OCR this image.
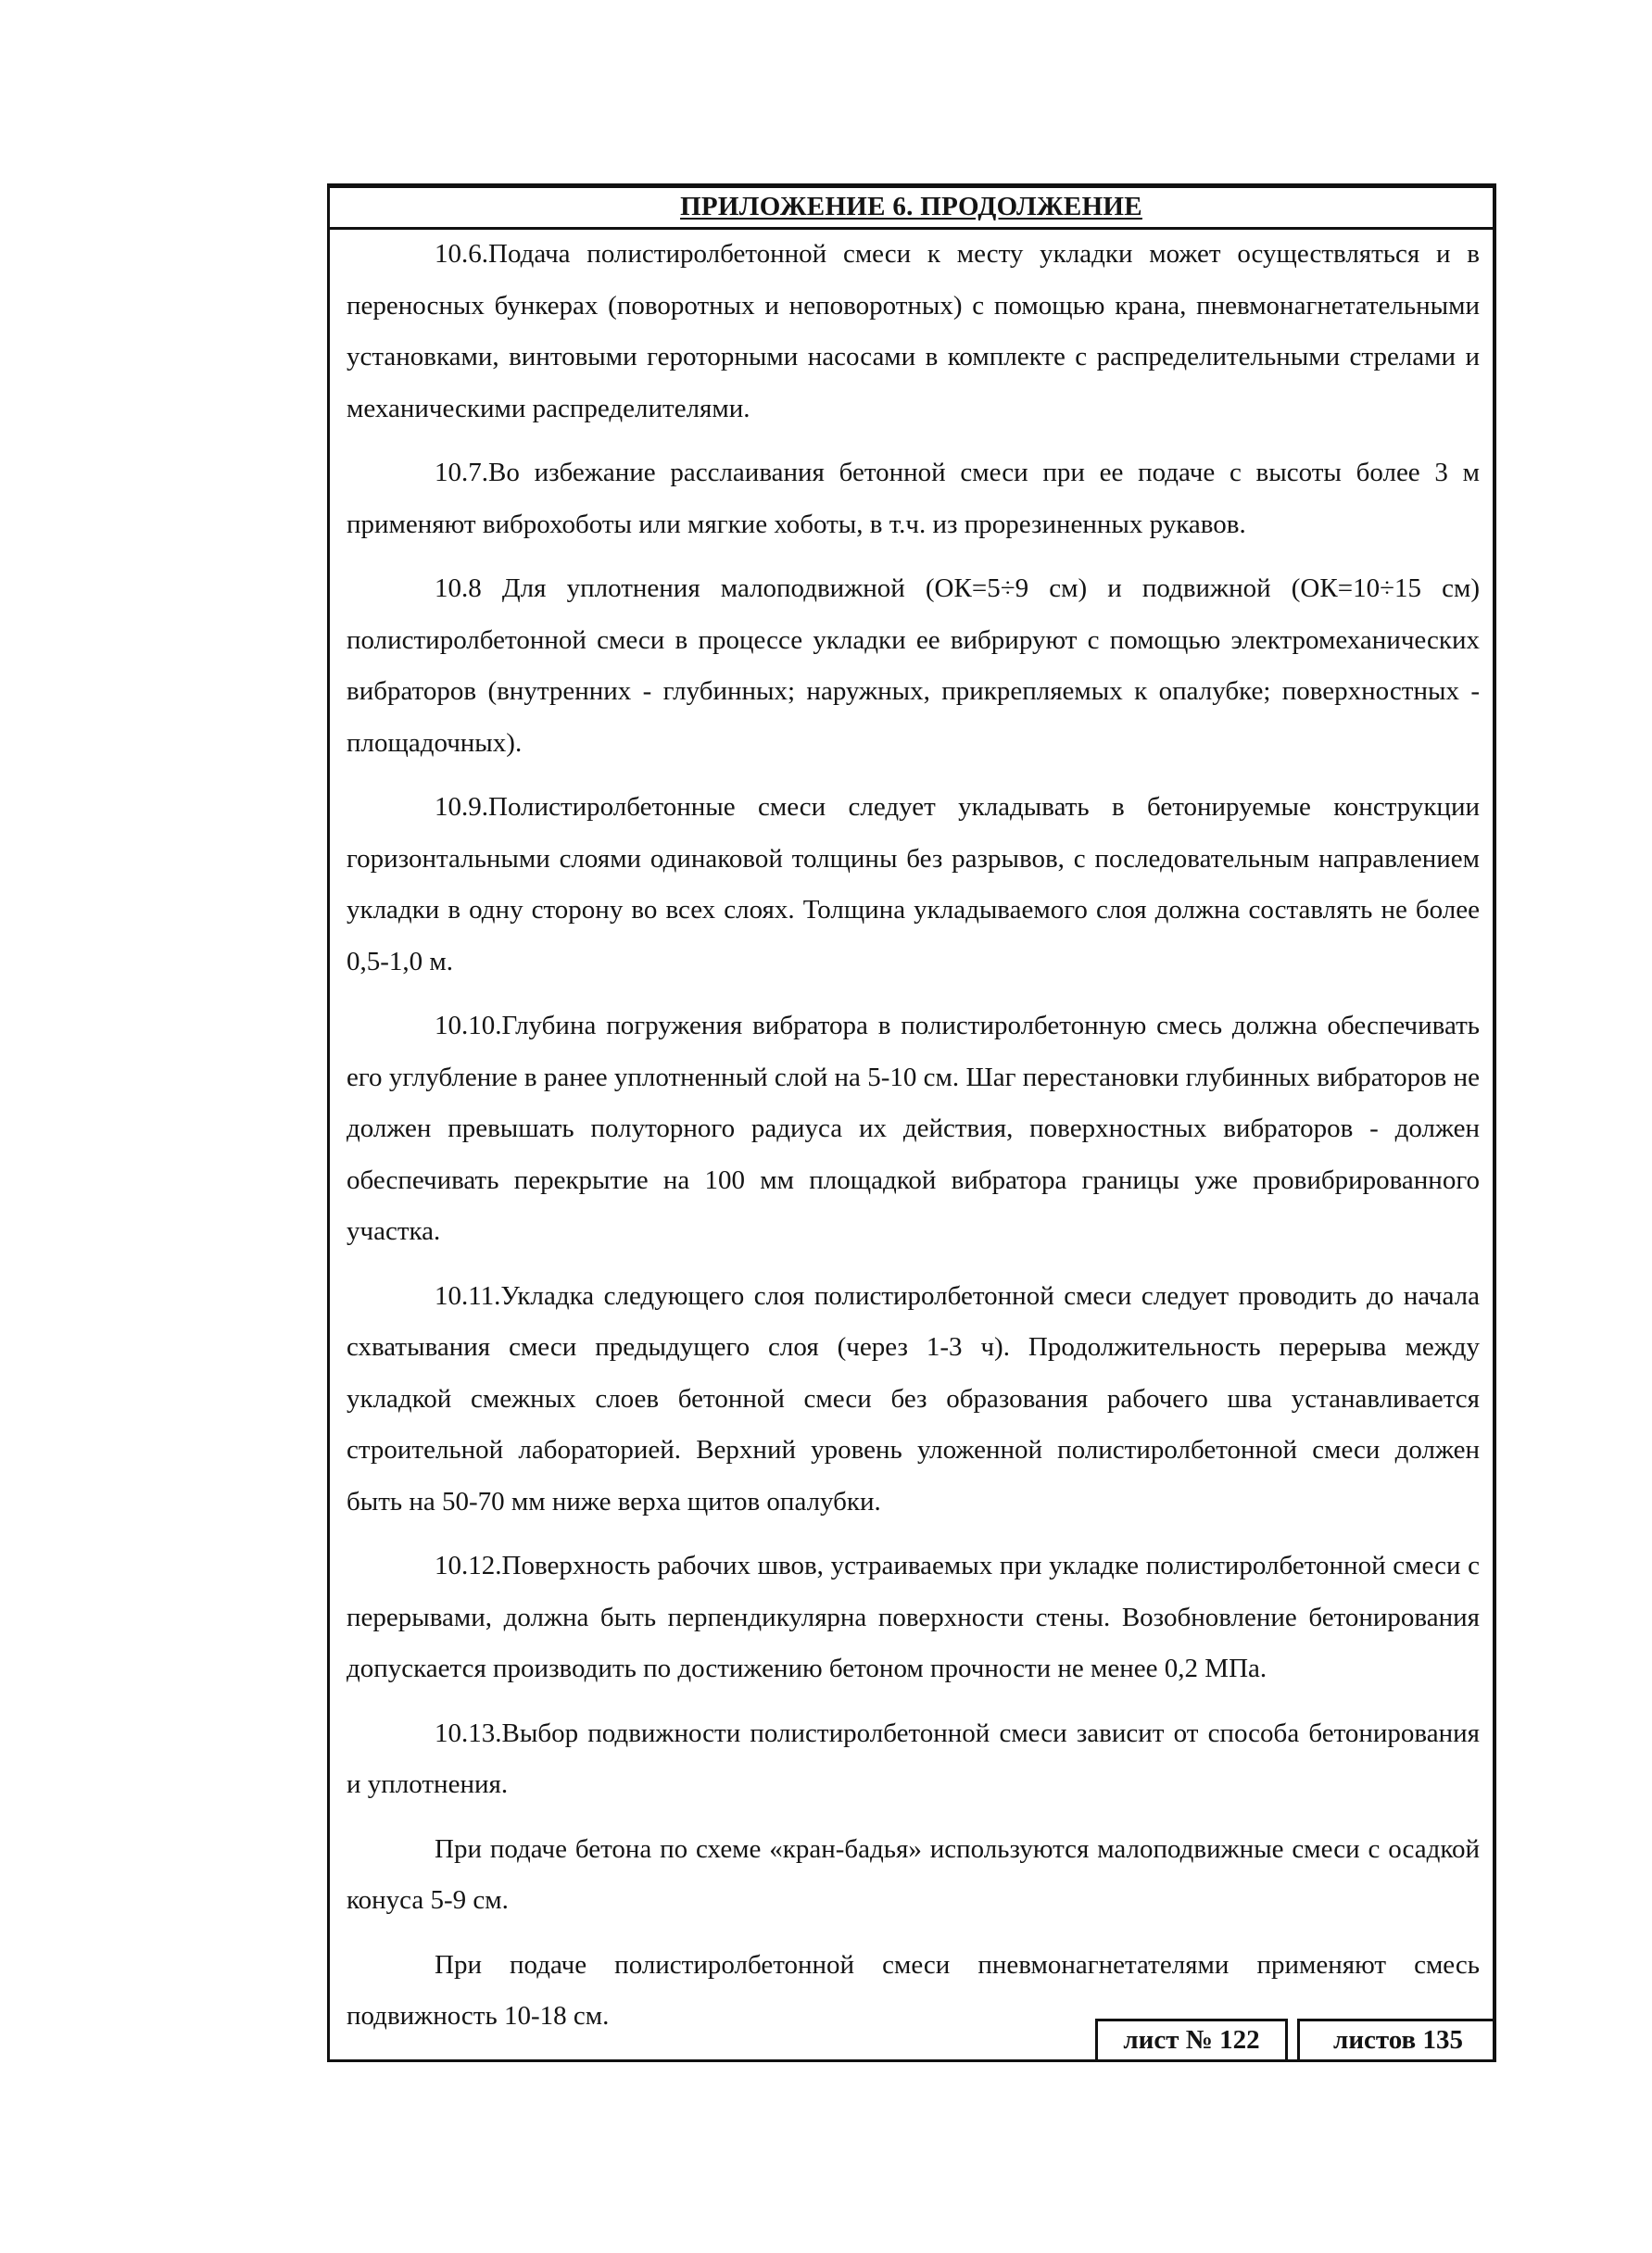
ПРИЛОЖЕНИЕ 6. ПРОДОЛЖЕНИЕ

10.6.Подача полистиролбетонной смеси к месту укладки может осуществляться и в переносных бункерах (поворотных и неповоротных) с помощью крана, пневмонагнетательными установками, винтовыми героторными насосами в комплекте с распределительными стрелами и механическими распределителями.

10.7.Во избежание расслаивания бетонной смеси при ее подаче с высоты более 3 м применяют виброхоботы или мягкие хоботы, в т.ч. из прорезиненных рукавов.

10.8 Для уплотнения малоподвижной (ОК=5÷9 см) и подвижной (ОК=10÷15 см) полистиролбетонной смеси в процессе укладки ее вибрируют с помощью электромеханических вибраторов (внутренних - глубинных; наружных, прикрепляемых к опалубке; поверхностных - площадочных).

10.9.Полистиролбетонные смеси следует укладывать в бетонируемые конструкции горизонтальными слоями одинаковой толщины без разрывов, с последовательным направлением укладки в одну сторону во всех слоях. Толщина укладываемого слоя должна составлять не более 0,5-1,0 м.

10.10.Глубина погружения вибратора в полистиролбетонную смесь должна обеспечивать его углубление в ранее уплотненный слой на 5-10 см. Шаг перестановки глубинных вибраторов не должен превышать полуторного радиуса их действия, поверхностных вибраторов - должен обеспечивать перекрытие на 100 мм площадкой вибратора границы уже провибрированного участка.

10.11.Укладка следующего слоя полистиролбетонной смеси следует проводить до начала схватывания смеси предыдущего слоя (через 1-3 ч). Продолжительность перерыва между укладкой смежных слоев бетонной смеси без образования рабочего шва устанавливается строительной лабораторией. Верхний уровень уложенной полистиролбетонной смеси должен быть на 50-70 мм ниже верха щитов опалубки.

10.12.Поверхность рабочих швов, устраиваемых при укладке полистиролбетонной смеси с перерывами, должна быть перпендикулярна поверхности стены. Возобновление бетонирования допускается производить по достижению бетоном прочности не менее 0,2 МПа.

10.13.Выбор подвижности полистиролбетонной смеси зависит от способа бетонирования и уплотнения.

При подаче бетона по схеме «кран-бадья» используются малоподвижные смеси с осадкой конуса 5-9 см.

При подаче полистиролбетонной смеси пневмонагнетателями применяют смесь подвижность 10-18 см.

лист № 122	листов 135
